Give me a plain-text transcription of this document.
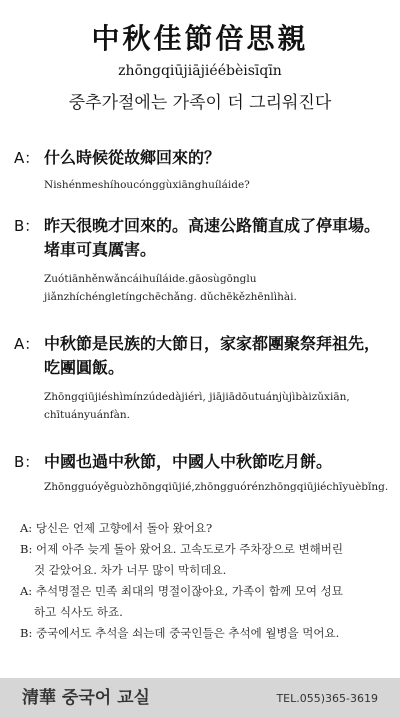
中秋佳節倍思親
zhōngqiūjiājiéébèisīqīn
중추가절에는 가족이 더 그리워진다
A： 什么時候從故鄉回來的？
Nishénmeshíhoucónggùxiānghuíláide?
B： 昨天很晚才回來的。高速公路簡直成了停車場。堵車可真厲害。
Zuótiānhěnwǎncáihuíláide.gāosùgōnglu jiǎnzhíchénglеtíngchēchǎng. dǔchēkězhēnlìhài.
A： 中秋節是民族的大節日，家家都團聚祭拜祖先，吃團圓飯。
Zhōngqiūjiéshìmínzúdedàjiérì, jiājiādōutuánjùjìbàizǔxiān, chītuányuánfàn.
B： 中國也過中秋節，中國人中秋節吃月餅。
Zhōngguóyěguòzhōngqiūjié,zhōngguórénzhōngqiūjiéchīyuèbǐng.
A: 당신은 언제 고향에서 돌아 왔어요?
B: 어제 아주 늦게 돌아 왔어요. 고속도로가 주차장으로 변해버린
것 같았어요. 차가 너무 많이 막히데요.
A: 추석명절은 민족 최대의 명절이잖아요, 가족이 함께 모여 성묘
하고 식사도 하죠.
B: 중국에서도 추석을 쇠는데 중국인들은 추석에 월병을 먹어요.
清華 중국어 교실	TEL.055)365-3619
